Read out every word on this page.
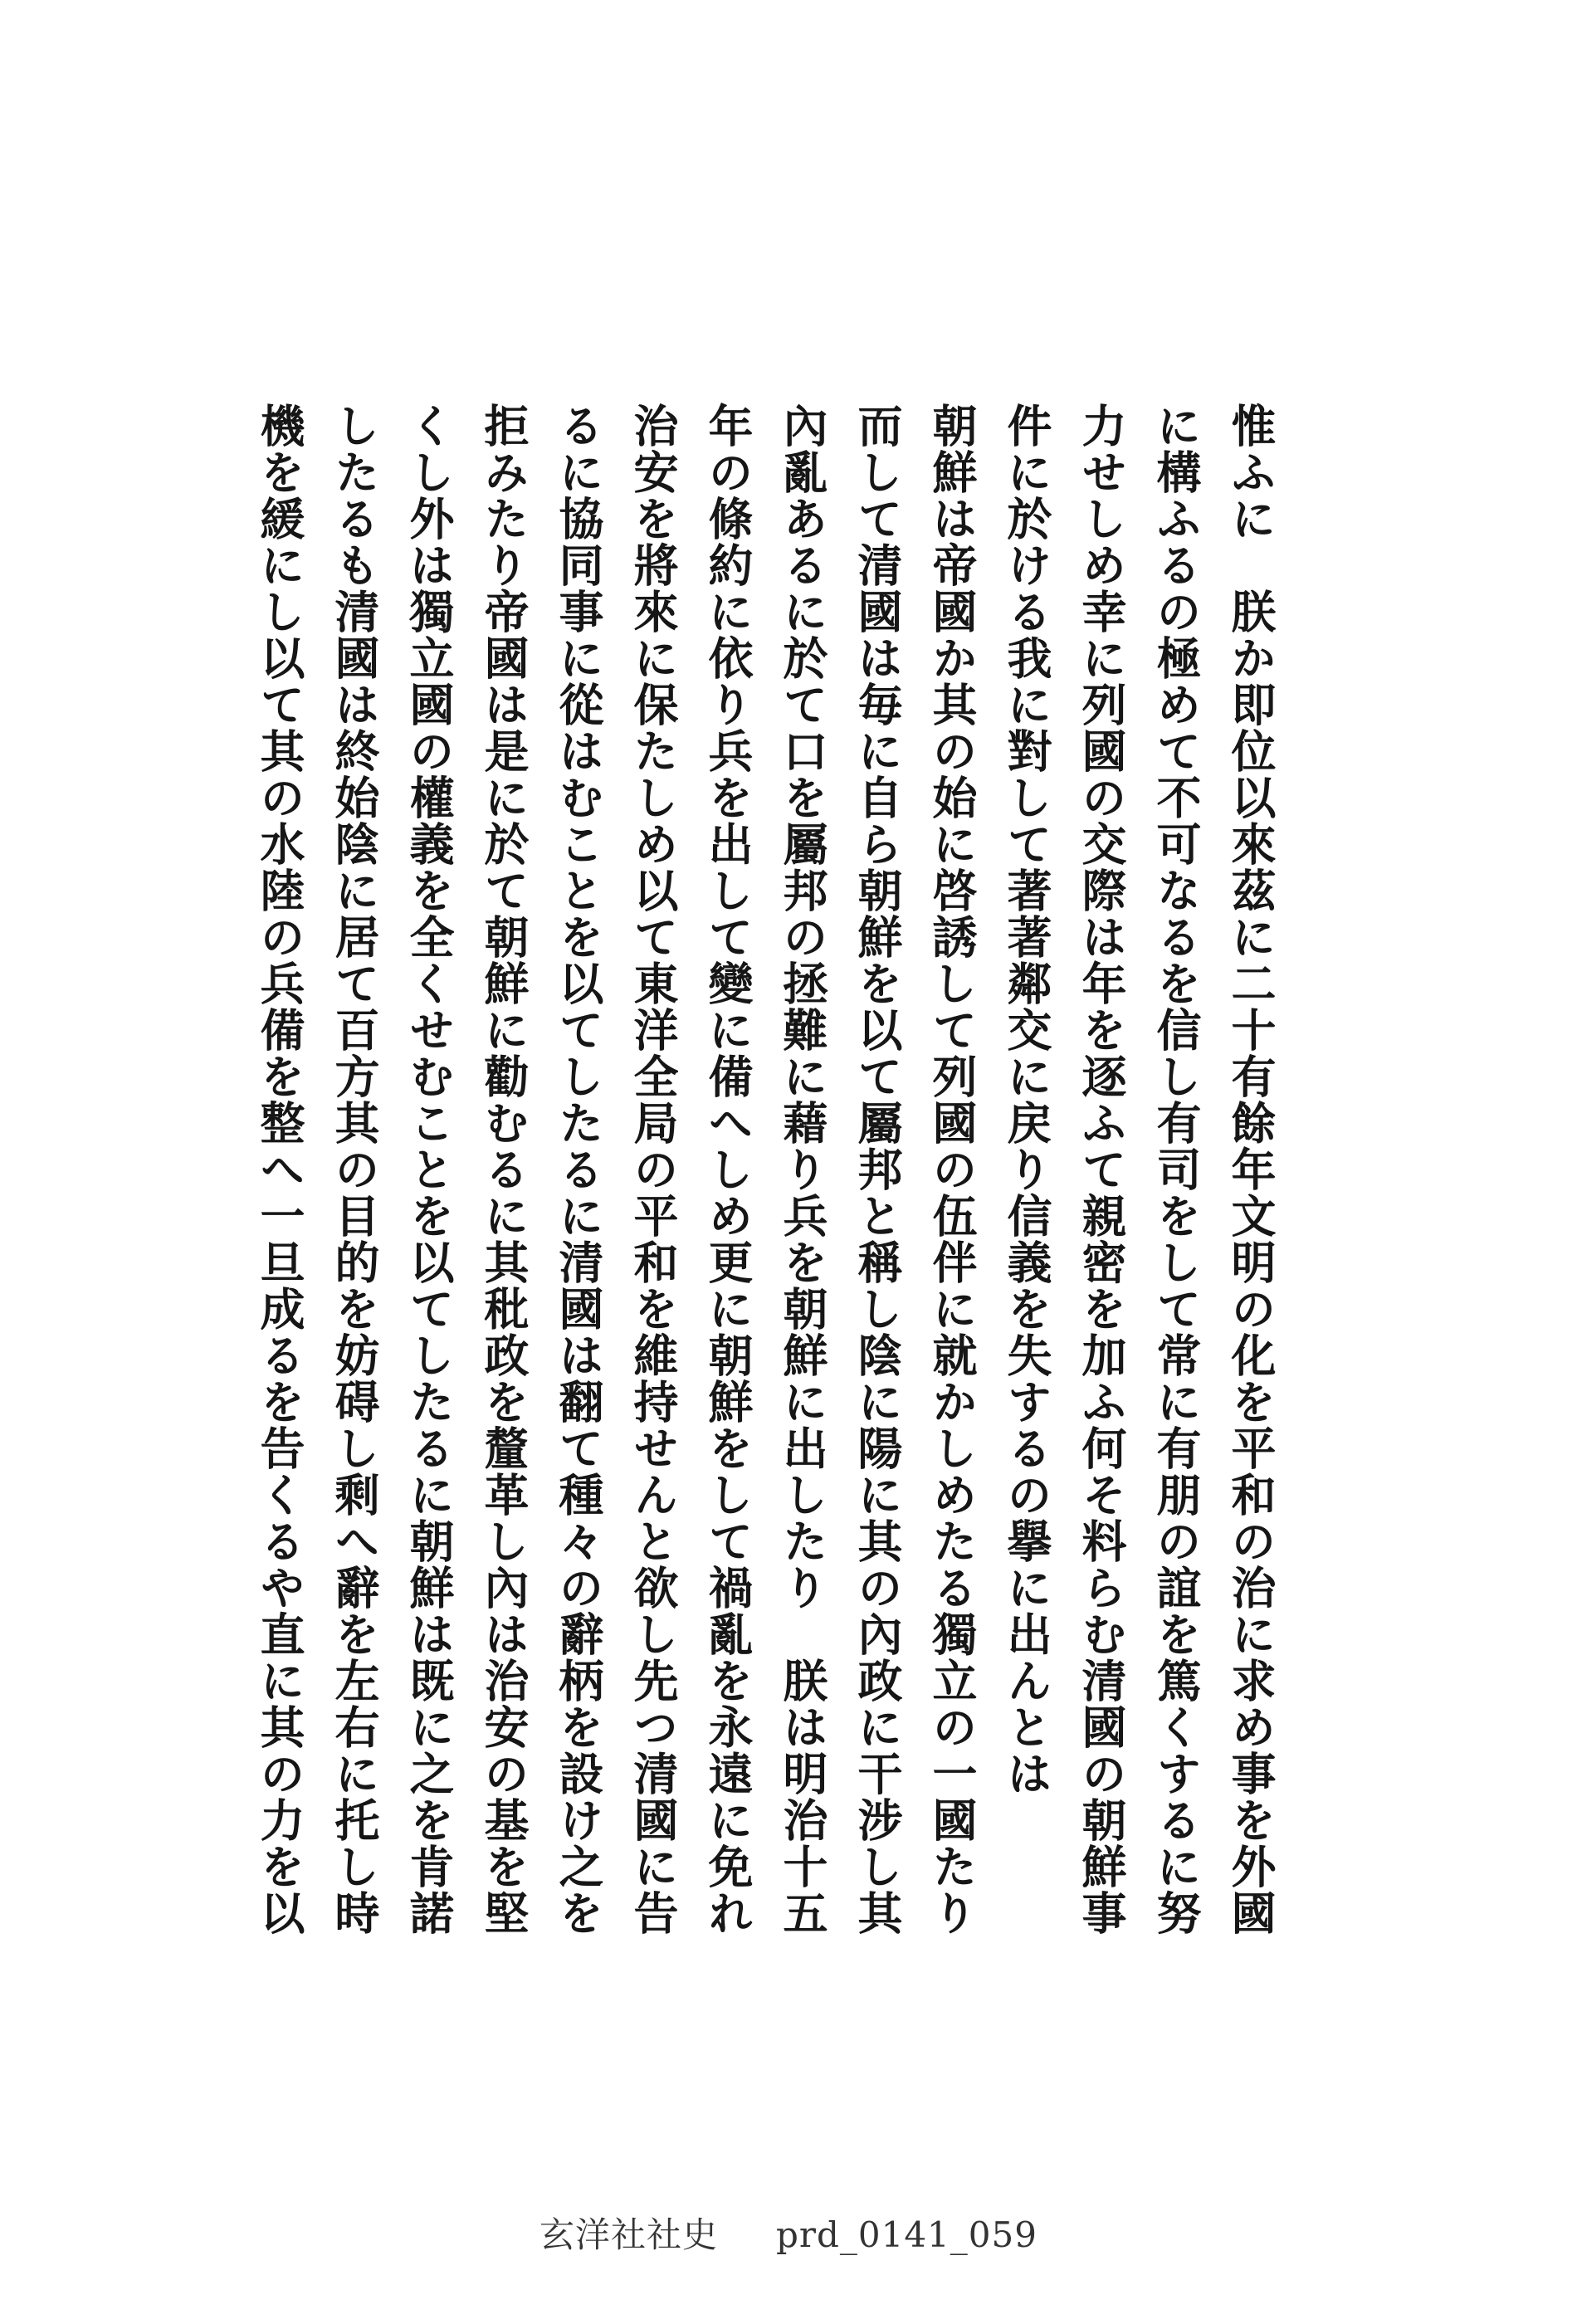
惟ふに　朕か即位以來茲に二十有餘年文明の化を平和の治に求め事を外國

に構ふるの極めて不可なるを信し有司をして常に有朋の誼を篤くするに努

力せしめ幸に列國の交際は年を逐ふて親密を加ふ何そ料らむ清國の朝鮮事

件に於ける我に對して著著鄰交に戻り信義を失するの擧に出んとは

朝鮮は帝國か其の始に啓誘して列國の伍伴に就かしめたる獨立の一國たり

而して清國は毎に自ら朝鮮を以て屬邦と稱し陰に陽に其の內政に干涉し其

內亂あるに於て口を屬邦の拯難に藉り兵を朝鮮に出したり　朕は明治十五

年の條約に依り兵を出して變に備へしめ更に朝鮮をして禍亂を永遠に免れ

治安を將來に保たしめ以て東洋全局の平和を維持せんと欲し先つ清國に告

るに協同事に從はむことを以てしたるに清國は翻て種々の辭柄を設け之を

拒みたり帝國は是に於て朝鮮に勸むるに其秕政を釐革し內は治安の基を堅

くし外は獨立國の權義を全くせむことを以てしたるに朝鮮は既に之を肯諾

したるも清國は終始陰に居て百方其の目的を妨碍し剩へ辭を左右に托し時

機を緩にし以て其の水陸の兵備を整へ一旦成るを告くるや直に其の力を以

玄洋社社史 prd_0141_059
